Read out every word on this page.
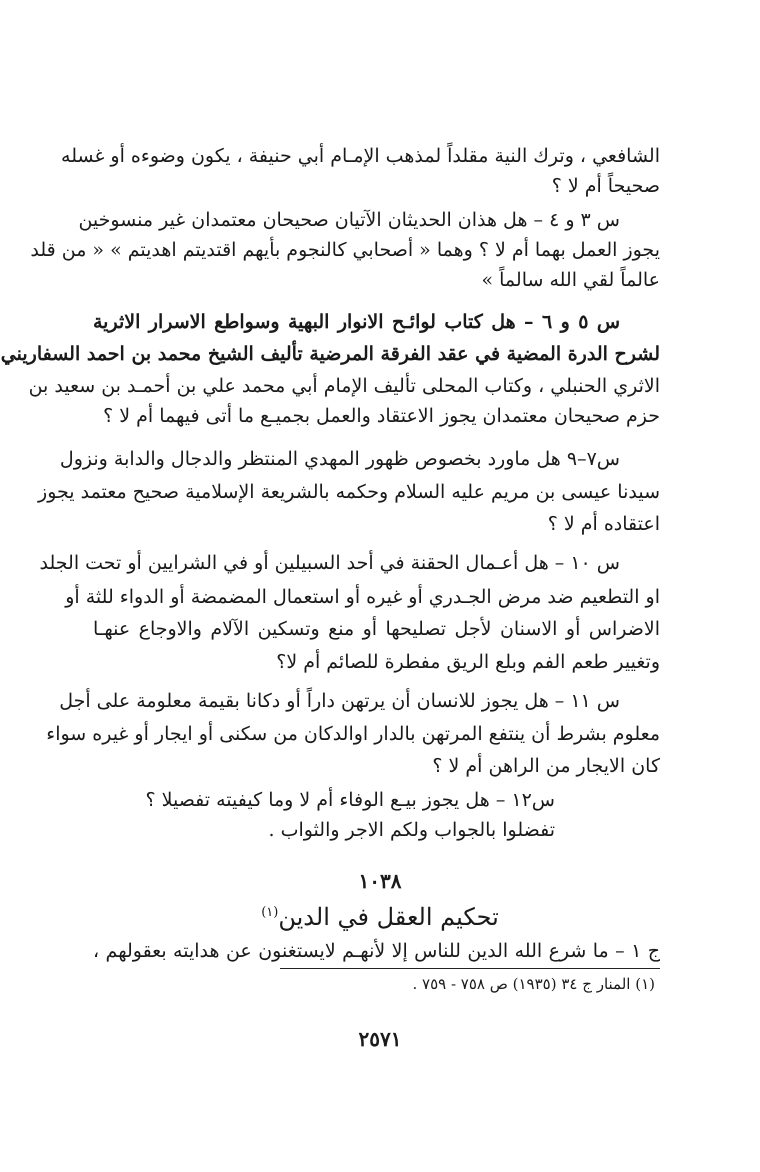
الشافعي ، وترك النية مقلداً لمذهب الإمـام أبي حنيفة ، يكون وضوءه أو غسله
صحيحاً أم لا ؟
س ٣ و ٤ – هل هذان الحديثان الآتيان صحيحان معتمدان غير منسوخين
يجوز العمل بهما أم لا ؟ وهما « أصحابي كالنجوم بأيهم اقتديتم اهديتم » « من قلد
عالماً لقي الله سالماً »
س ٥ و ٦ – هل كتاب لوائـح الانوار البهية وسواطع الاسرار الاثرية
لشرح الدرة المضية في عقد الفرقة المرضية تأليف الشيخ محمد بن احمد السفاريني
الاثري الحنبلي ، وكتاب المحلى تأليف الإمام أبي محمد علي بن أحمـد بن سعيد بن
حزم صحيحان معتمدان يجوز الاعتقاد والعمل بجميـع ما أتى فيهما أم لا ؟
س٧–٩ هل ماورد بخصوص ظهور المهدي المنتظر والدجال والدابة ونزول
سيدنا عيسى بن مريم عليه السلام وحكمه بالشريعة الإسلامية صحيح معتمد يجوز
اعتقاده أم لا ؟
س ١٠ – هل أعـمال الحقنة في أحد السبيلين أو في الشرايين أو تحت الجلد
او التطعيم ضد مرض الجـدري أو غيره أو استعمال المضمضة أو الدواء للثة أو
الاضراس أو الاسنان لأجل تصليحها أو منع وتسكين الآلام والاوجاع عنهـا
وتغيير طعم الفم وبلع الريق مفطرة للصائم أم لا؟
س ١١ – هل يجوز للانسان أن يرتهن داراً أو دكانا بقيمة معلومة على أجل
معلوم بشرط أن ينتفع المرتهن بالدار اوالدكان من سكنى أو ايجار أو غيره سواء
كان الايجار من الراهن أم لا ؟
س١٢ – هل يجوز بيـع الوفاء أم لا وما كيفيته تفصيلا ؟
تفضلوا بالجواب ولكم الاجر والثواب .
١٠٣٨
تحكيم العقل في الدين$^{(١)}$
ج ١ – ما شرع الله الدين للناس إلا لأنهـم لايستغنون عن هدايته بعقولهم ،
(١) المنار ج ٣٤ (١٩٣٥) ص ٧٥٨ - ٧٥٩ .
٢٥٧١
